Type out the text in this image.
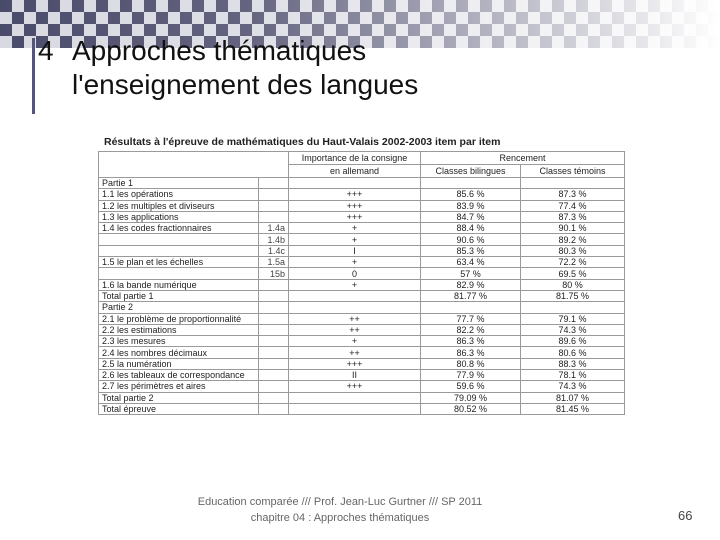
4 Approches thématiques
l'enseignement des langues
Résultats à l'épreuve de mathématiques du Haut-Valais 2002-2003 item par item
		Importance de la consigne	Rencement	
		en allemand	Classes bilingues	Classes témoins
Partie 1				
1.1 les opérations		+++	85.6 %	87.3 %
1.2 les multiples et diviseurs		+++	83.9 %	77.4 %
1.3 les applications		+++	84.7 %	87.3 %
1.4 les codes fractionnaires	1.4a	+	88.4 %	90.1 %
	1.4b	+	90.6 %	89.2 %
	1.4c	I	85.3 %	80.3 %
1.5 le plan et les échelles	1.5a	+	63.4 %	72.2 %
	15b	0	57 %	69.5 %
1.6 la bande numérique		+	82.9 %	80 %
Total partie 1			81.77 %	81.75 %
Partie 2				
2.1 le problème de proportionnalité		++	77.7 %	79.1 %
2.2 les estimations		++	82.2 %	74.3 %
2.3 les mesures		+	86.3 %	89.6 %
2.4 les nombres décimaux		++	86.3 %	80.6 %
2.5 la numération		+++	80.8 %	88.3 %
2.6 les tableaux de correspondance		II	77.9 %	78.1 %
2.7 les périmètres et aires		+++	59.6 %	74.3 %
Total partie 2			79.09 %	81.07 %
Total épreuve			80.52 %	81.45 %
Education comparée /// Prof. Jean-Luc Gurtner /// SP 2011
chapitre 04 : Approches thématiques	66
